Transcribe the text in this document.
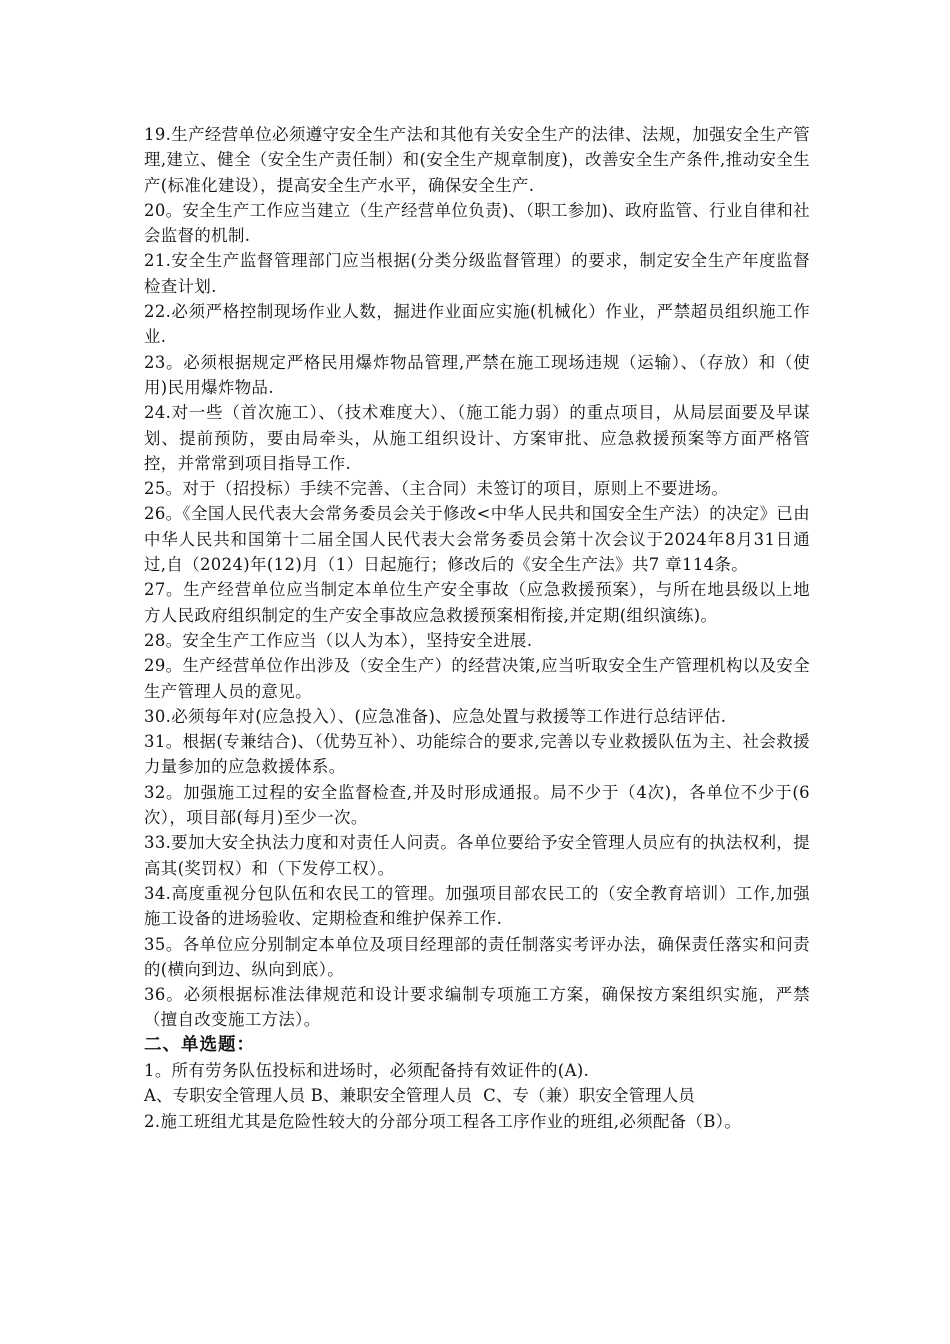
19.生产经营单位必须遵守安全生产法和其他有关安全生产的法律、法规，加强安全生产管理,建立、健全（安全生产责任制）和(安全生产规章制度)，改善安全生产条件,推动安全生产(标准化建设），提高安全生产水平，确保安全生产.

20。安全生产工作应当建立（生产经营单位负责)、（职工参加)、政府监管、行业自律和社会监督的机制.

21.安全生产监督管理部门应当根据(分类分级监督管理）的要求，制定安全生产年度监督检查计划.

22.必须严格控制现场作业人数，掘进作业面应实施(机械化）作业，严禁超员组织施工作业.

23。必须根据规定严格民用爆炸物品管理,严禁在施工现场违规（运输）、（存放）和（使用)民用爆炸物品.

24.对一些（首次施工）、（技术难度大）、（施工能力弱）的重点项目，从局层面要及早谋划、提前预防，要由局牵头，从施工组织设计、方案审批、应急救援预案等方面严格管控，并常常到项目指导工作.

25。对于（招投标）手续不完善、（主合同）未签订的项目，原则上不要进场。

26。《全国人民代表大会常务委员会关于修改<中华人民共和国安全生产法）的决定》已由中华人民共和国第十二届全国人民代表大会常务委员会第十次会议于2024年8月31日通过,自（2024)年(12)月（1）日起施行；修改后的《安全生产法》共7 章114条。

27。生产经营单位应当制定本单位生产安全事故（应急救援预案），与所在地县级以上地方人民政府组织制定的生产安全事故应急救援预案相衔接,并定期(组织演练)。

28。安全生产工作应当（以人为本），坚持安全进展.

29。生产经营单位作出涉及（安全生产）的经营决策,应当听取安全生产管理机构以及安全生产管理人员的意见。

30.必须每年对(应急投入）、(应急准备)、应急处置与救援等工作进行总结评估.

31。根据(专兼结合)、（优势互补）、功能综合的要求,完善以专业救援队伍为主、社会救援力量参加的应急救援体系。

32。加强施工过程的安全监督检查,并及时形成通报。局不少于（4次)，各单位不少于(6次），项目部(每月)至少一次。

33.要加大安全执法力度和对责任人问责。各单位要给予安全管理人员应有的执法权利，提高其(奖罚权）和（下发停工权）。

34.高度重视分包队伍和农民工的管理。加强项目部农民工的（安全教育培训）工作,加强施工设备的进场验收、定期检查和维护保养工作.

35。各单位应分别制定本单位及项目经理部的责任制落实考评办法，确保责任落实和问责的(横向到边、纵向到底）。

36。必须根据标准法律规范和设计要求编制专项施工方案，确保按方案组织实施，严禁（擅自改变施工方法）。

二、单选题：

1。所有劳务队伍投标和进场时，必须配备持有效证件的(A).

A、专职安全管理人员 B、兼职安全管理人员  C、专（兼）职安全管理人员

2.施工班组尤其是危险性较大的分部分项工程各工序作业的班组,必须配备（B）。
